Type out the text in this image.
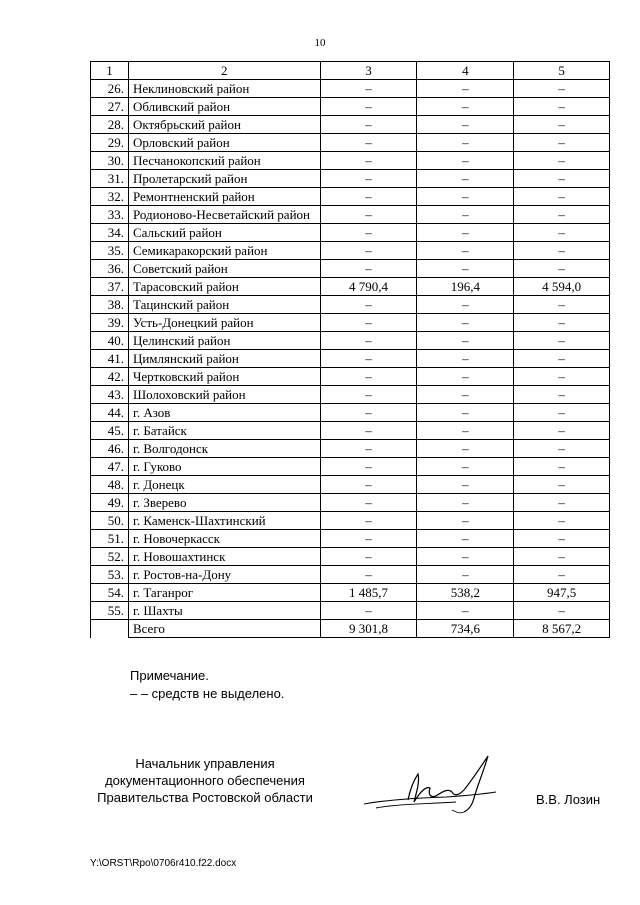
10
1	2	3	4	5
26.	Неклиновский район	–	–	–
27.	Обливский район	–	–	–
28.	Октябрьский район	–	–	–
29.	Орловский район	–	–	–
30.	Песчанокопский район	–	–	–
31.	Пролетарский район	–	–	–
32.	Ремонтненский район	–	–	–
33.	Родионово-Несветайский район	–	–	–
34.	Сальский район	–	–	–
35.	Семикаракорский район	–	–	–
36.	Советский район	–	–	–
37.	Тарасовский район	4 790,4	196,4	4 594,0
38.	Тацинский район	–	–	–
39.	Усть-Донецкий район	–	–	–
40.	Целинский район	–	–	–
41.	Цимлянский район	–	–	–
42.	Чертковский район	–	–	–
43.	Шолоховский район	–	–	–
44.	г. Азов	–	–	–
45.	г. Батайск	–	–	–
46.	г. Волгодонск	–	–	–
47.	г. Гуково	–	–	–
48.	г. Донецк	–	–	–
49.	г. Зверево	–	–	–
50.	г. Каменск-Шахтинский	–	–	–
51.	г. Новочеркасск	–	–	–
52.	г. Новошахтинск	–	–	–
53.	г. Ростов-на-Дону	–	–	–
54.	г. Таганрог	1 485,7	538,2	947,5
55.	г. Шахты	–	–	–
	Всего	9 301,8	734,6	8 567,2
Примечание.
– – средств не выделено.
Начальник управления
документационного обеспечения
Правительства Ростовской области	В.В. Лозин
Y:\ORST\Rpo\0706r410.f22.docx
